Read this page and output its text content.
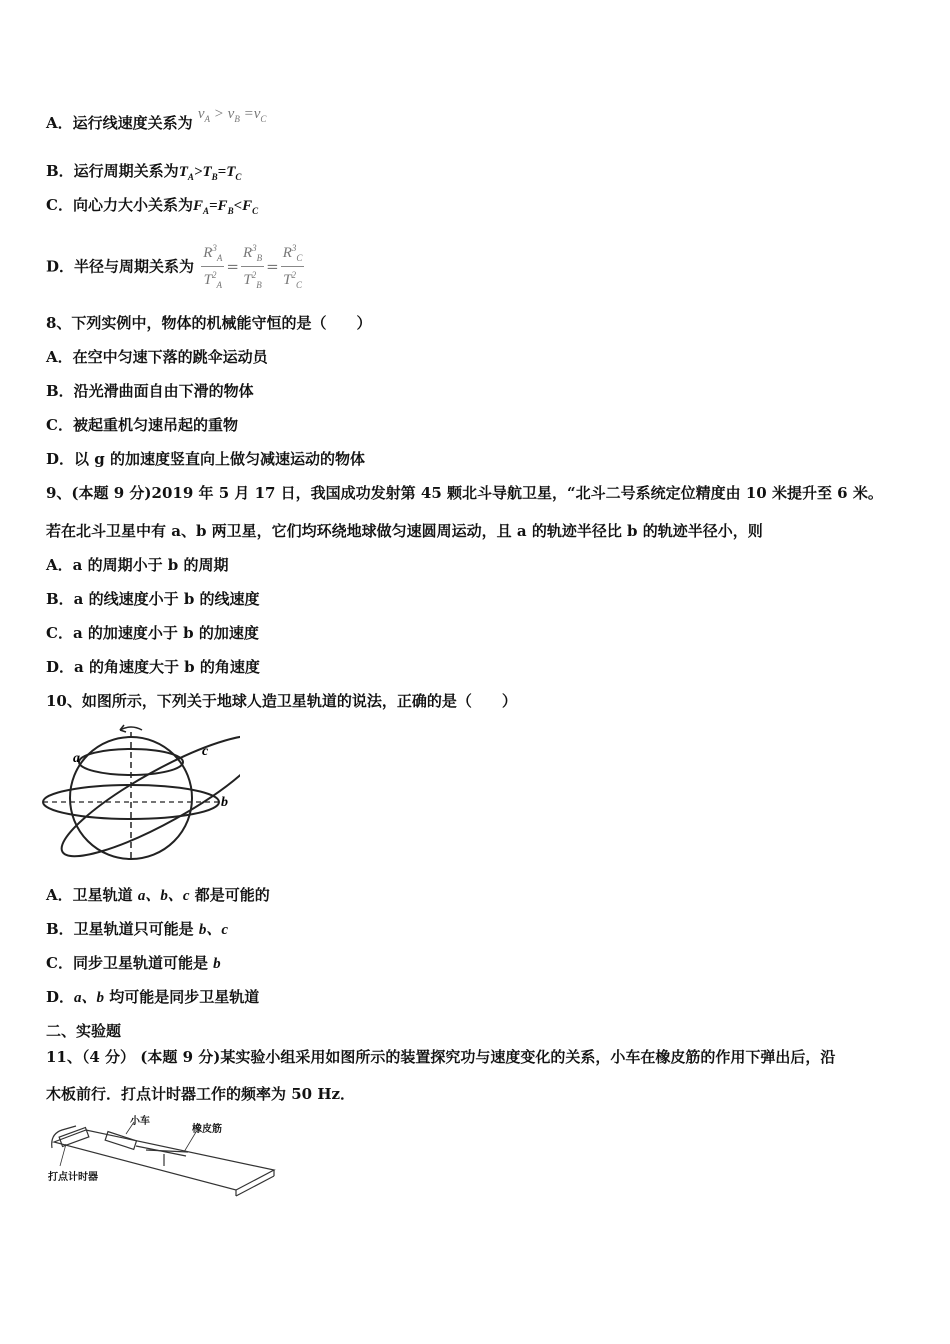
A．运行线速度关系为 $v_A > v_B =v_C$
B．运行周期关系为$T_A>T_B=T_C$
C．向心力大小关系为$F_A=F_B<F_C$
D．半径与周期关系为 $\frac{R^3_A}{T^2_A} = \frac{R^3_B}{T^2_B} = \frac{R^3_C}{T^2_C}$
8、下列实例中，物体的机械能守恒的是（　　）
A．在空中匀速下落的跳伞运动员
B．沿光滑曲面自由下滑的物体
C．被起重机匀速吊起的重物
D．以 g 的加速度竖直向上做匀减速运动的物体
9、(本题 9 分)2019 年 5 月 17 日，我国成功发射第 45 颗北斗导航卫星，“北斗二号系统定位精度由 10 米提升至 6 米。
若在北斗卫星中有 a、b 两卫星，它们均环绕地球做匀速圆周运动，且 a 的轨迹半径比 b 的轨迹半径小，则
A．a 的周期小于 b 的周期
B．a 的线速度小于 b 的线速度
C．a 的加速度小于 b 的加速度
D．a 的角速度大于 b 的角速度
10、如图所示，下列关于地球人造卫星轨道的说法，正确的是（　　）
a
b
c
A．卫星轨道 a、b、c 都是可能的
B．卫星轨道只可能是 b、c
C．同步卫星轨道可能是 b
D．a、b 均可能是同步卫星轨道
二、实验题
11、（4 分） (本题 9 分)某实验小组采用如图所示的装置探究功与速度变化的关系，小车在橡皮筋的作用下弹出后，沿
木板前行．打点计时器工作的频率为 50 Hz．
小车
橡皮筋
打点计时器
